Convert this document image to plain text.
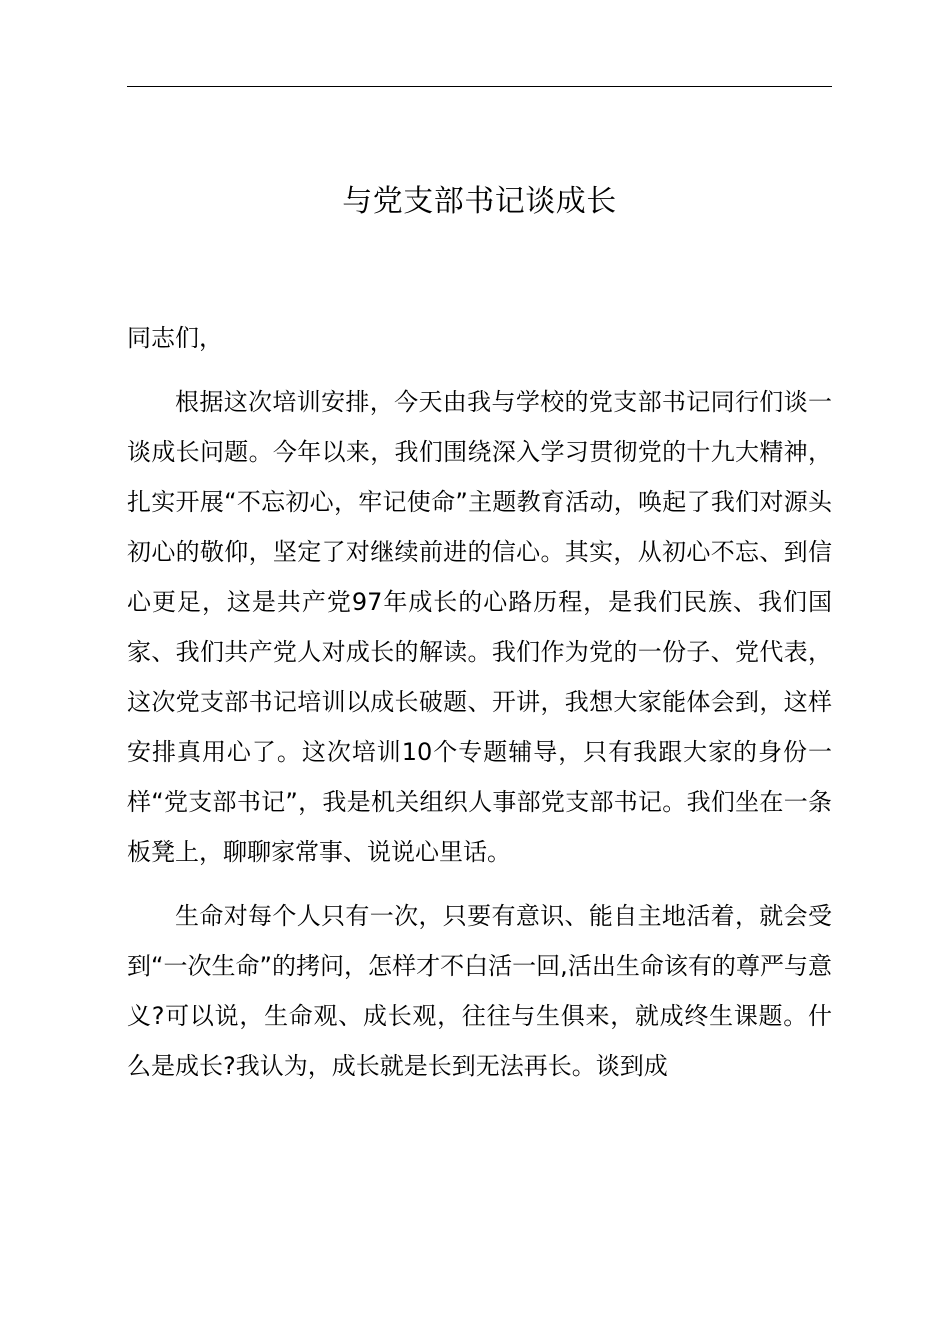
与党支部书记谈成长

同志们，

根据这次培训安排，今天由我与学校的党支部书记同行们谈一谈成长问题。今年以来，我们围绕深入学习贯彻党的十九大精神，扎实开展“不忘初心，牢记使命”主题教育活动，唤起了我们对源头初心的敬仰，坚定了对继续前进的信心。其实，从初心不忘、到信心更足，这是共产党97年成长的心路历程，是我们民族、我们国家、我们共产党人对成长的解读。我们作为党的一份子、党代表，这次党支部书记培训以成长破题、开讲，我想大家能体会到，这样安排真用心了。这次培训10个专题辅导，只有我跟大家的身份一样“党支部书记”，我是机关组织人事部党支部书记。我们坐在一条板凳上，聊聊家常事、说说心里话。

生命对每个人只有一次，只要有意识、能自主地活着，就会受到“一次生命”的拷问，怎样才不白活一回,活出生命该有的尊严与意义?可以说，生命观、成长观，往往与生俱来，就成终生课题。什么是成长?我认为，成长就是长到无法再长。谈到成
